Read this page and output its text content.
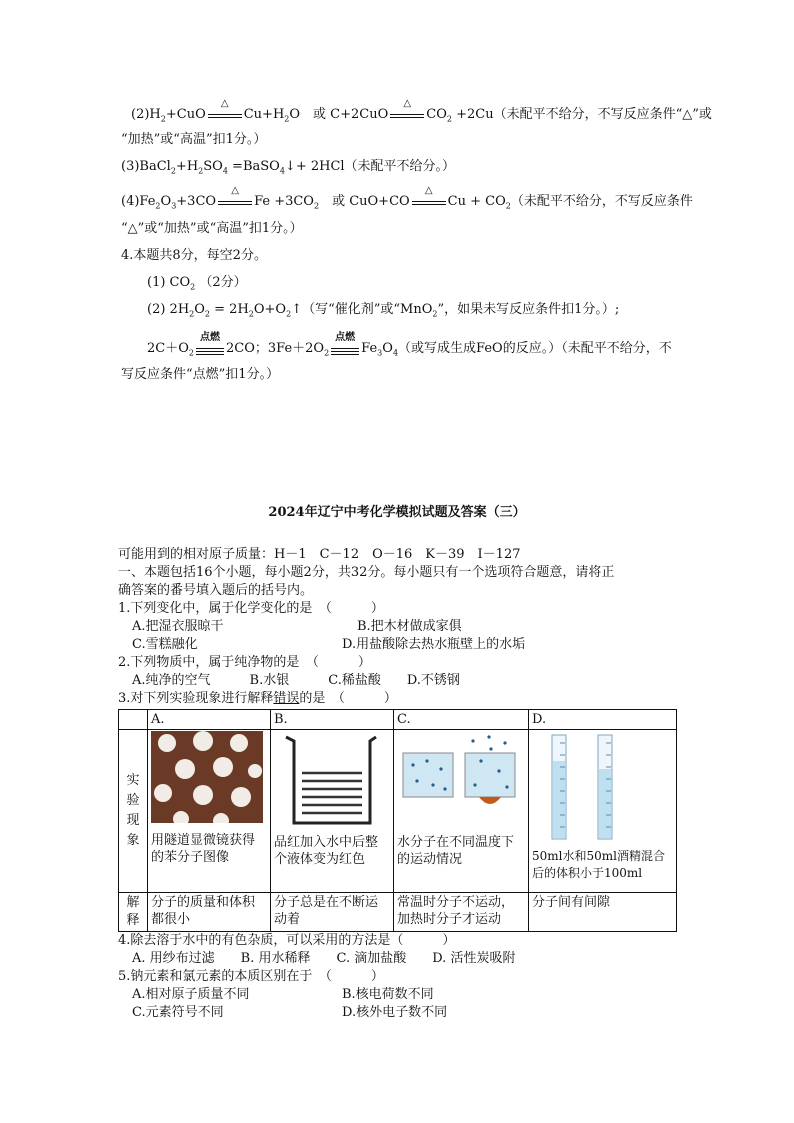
$(2)H_2+CuO$
△
$Cu+H_2O$　或 C+2CuO
△
$CO_2 +2Cu$（未配平不给分，不写反应条件“△”或
“加热”或“高温”扣1分。）
$(3)BaCl_2+H_2SO_4$ =BaSO$_4$↓+ 2HCl（未配平不给分。）
$(4)Fe_2O_3+3CO$
△
$Fe +3CO_2$　或 CuO+CO
△
$Cu + CO_2$（未配平不给分，不写反应条件
“△”或“加热”或“高温”扣1分。）
4.本题共8分，每空2分。
(1) $CO_2$ （2分）
(2) $2H_2O_2$ = $2H_2O+O_2↑$（写“催化剂”或“MnO$_2$”，如果未写反应条件扣1分。）;
$2C+O_2$
点燃
2CO；$3Fe+2O_2$
点燃
$Fe_3O_4$（或写成生成FeO的反应。）（未配平不给分，不
写反应条件“点燃”扣1分。）
2024年辽宁中考化学模拟试题及答案（三）
可能用到的相对原子质量：H－1　C－12　O－16　K－39　I－127
一、本题包括16个小题，每小题2分，共32分。每小题只有一个选项符合题意，请将正
确答案的番号填入题后的括号内。
1.下列变化中，属于化学变化的是　（　　　）
A.把湿衣服晾干	B.把木材做成家俱
C.雪糕融化	D.用盐酸除去热水瓶壁上的水垢
2.下列物质中，属于纯净物的是　（　　　）
A.纯净的空气　　　B.水银　　　C.稀盐酸　　D.不锈钢
3.对下列实验现象进行解释错误的是　（　　　）
	A.	B.	C.	D.
实验现象	用隧道显微镜获得的苯分子图像	品红加入水中后整个液体变为红色	水分子在不同温度下的运动情况	50ml水和50ml酒精混合后的体积小于100ml

解释	分子的质量和体积都很小	分子总是在不断运动着	常温时分子不运动，加热时分子才运动	分子间有间隙
4.除去溶于水中的有色杂质，可以采用的方法是（　　　）
A. 用纱布过滤　　B. 用水稀释　　C. 滴加盐酸　　D. 活性炭吸附
5.钠元素和氯元素的本质区别在于　（　　　）
A.相对原子质量不同	B.核电荷数不同
C.元素符号不同	D.核外电子数不同
